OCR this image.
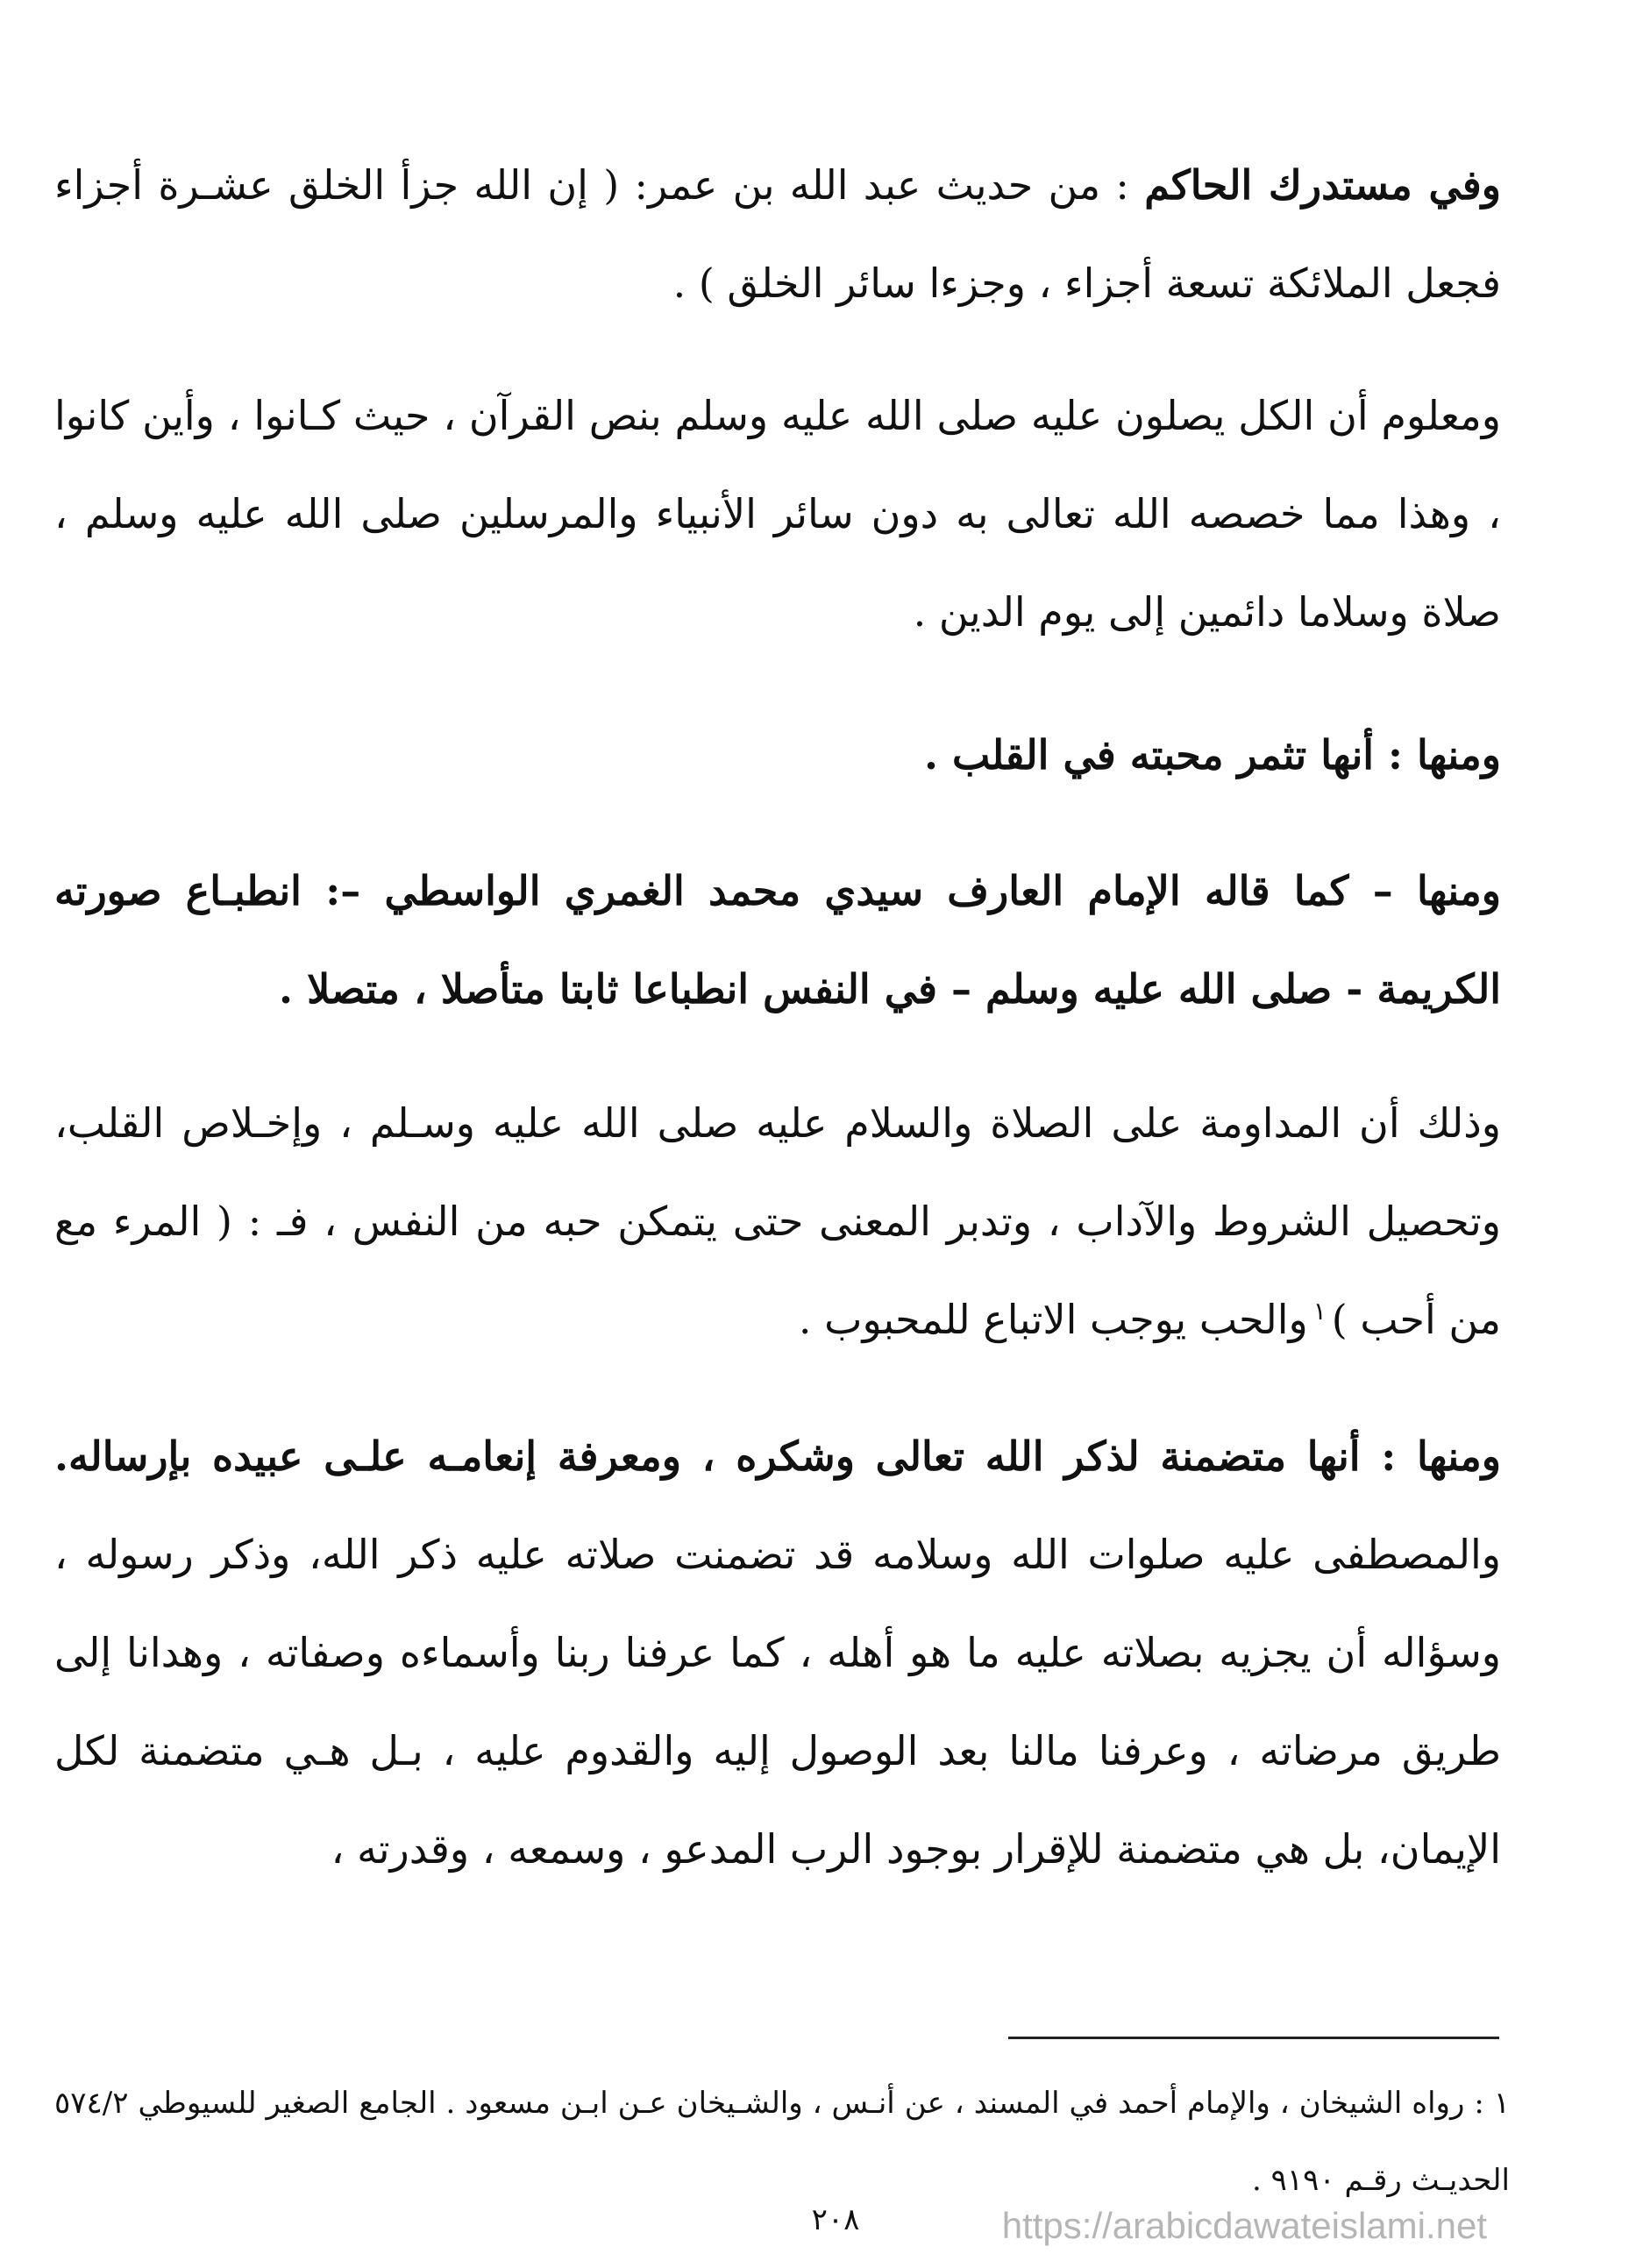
وفي مستدرك الحاكم : من حديث عبد الله بن عمر: ( إن الله جزأ الخلق عشـرة أجزاء فجعل الملائكة تسعة أجزاء ، وجزءا سائر الخلق ) .

ومعلوم أن الكل يصلون عليه صلى الله عليه وسلم بنص القرآن ، حيث كـانوا ، وأين كانوا ، وهذا مما خصصه الله تعالى به دون سائر الأنبياء والمرسلين صلى الله عليه وسلم ، صلاة وسلاما دائمين إلى يوم الدين .

ومنها : أنها تثمر محبته في القلب .

ومنها – كما قاله الإمام العارف سيدي محمد الغمري الواسطي –: انطبـاع صورته الكريمة - صلى الله عليه وسلم – في النفس انطباعا ثابتا متأصلا ، متصلا .

وذلك أن المداومة على الصلاة والسلام عليه صلى الله عليه وسـلم ، وإخـلاص القلب، وتحصيل الشروط والآداب ، وتدبر المعنى حتى يتمكن حبه من النفس ، فـ : ( المرء مع من أحب )$^١$والحب يوجب الاتباع للمحبوب .

ومنها : أنها متضمنة لذكر الله تعالى وشكره ، ومعرفة إنعامـه علـى عبيده بإرساله. والمصطفى عليه صلوات الله وسلامه قد تضمنت صلاته عليه ذكر الله، وذكر رسوله ، وسؤاله أن يجزيه بصلاته عليه ما هو أهله ، كما عرفنا ربنا وأسماءه وصفاته ، وهدانا إلى طريق مرضاته ، وعرفنا مالنا بعد الوصول إليه والقدوم عليه ، بـل هـي متضمنة لكل الإيمان، بل هي متضمنة للإقرار بوجود الرب المدعو ، وسمعه ، وقدرته ،

١ : رواه الشيخان ، والإمام أحمد في المسند ، عن أنـس ، والشـيخان عـن ابـن مسعود . الجامع الصغير للسيوطي ٥٧٤/٢ الحديـث رقـم ٩١٩٠ .

٢٠٨	https://arabicdawateislami.net
